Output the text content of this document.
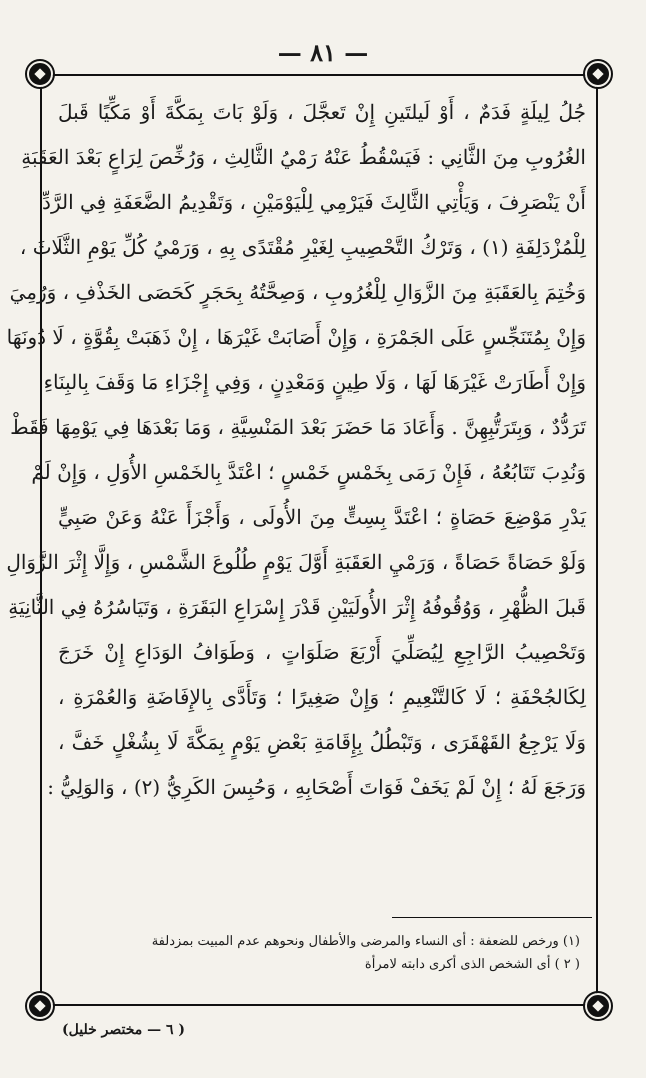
— ٨١ —
جُلُ لِيلَةٍ فَدَمٌ ، أَوْ لَيلتَينِ إِنْ تَعجَّلَ ، وَلَوْ بَاتَ بِمَكَّةَ أَوْ مَكِّيًا قَبلَ
الغُرُوبِ مِنَ الثَّانِي : فَيَسْقُطُ عَنْهُ رَمْيُ الثَّالِثِ ، وَرُخِّصَ لِرَاعٍ بَعْدَ العَقَبَةِ
أَنْ يَنْصَرِفَ ، وَيَأْتِي الثَّالِثَ فَيَرْمِي لِلْيَوْمَيْنِ ، وَتَقْدِيمُ الضَّعَفَةِ فِي الرَّدِّ
لِلْمُزْدَلِفَةِ (١) ، وَتَرْكُ التَّحْصِيبِ لِغَيْرِ مُقْتَدًى بِهِ ، وَرَمْيُ كُلِّ يَوْمِ الثَّلَاثَ ،
وَخُتِمَ بِالعَقَبَةِ مِنَ الزَّوَالِ لِلْغُرُوبِ ، وَصِحَّتُهُ بِحَجَرٍ كَحَصَى الخَذْفِ ، وَرُمِيَ
وَإِنْ بِمُتَنَجِّسٍ عَلَى الجَمْرَةِ ، وَإِنْ أَصَابَتْ غَيْرَهَا ، إِنْ ذَهَبَتْ بِقُوَّةٍ ، لَا دُونَهَا
وَإِنْ أَطَارَتْ غَيْرَهَا لَهَا ، وَلَا طِينٍ وَمَعْدِنٍ ، وَفِي إِجْزَاءِ مَا وَقَفَ بِالبِنَاءِ
تَرَدُّدٌ ، وَبِتَرَتُّبِهِنَّ . وَأَعَادَ مَا حَضَرَ بَعْدَ المَنْسِيَّةِ ، وَمَا بَعْدَهَا فِي يَوْمِهَا فَقَطْ
وَنُدِبَ تَتَابُعُهُ ، فَإِنْ رَمَى بِخَمْسٍ خَمْسٍ ؛ اعْتَدَّ بِالخَمْسِ الأُوَلِ ، وَإِنْ لَمْ
يَدْرِ مَوْضِعَ حَصَاةٍ ؛ اعْتَدَّ بِسِتٍّ مِنَ الأُولَى ، وَأَجْزَأَ عَنْهُ وَعَنْ صَبِيٍّ
وَلَوْ حَصَاةً حَصَاةً ، وَرَمْيِ العَقَبَةِ أَوَّلَ يَوْمٍ طُلُوعَ الشَّمْسِ ، وَإِلَّا إِثْرَ الزَّوَالِ
قَبلَ الظُّهْرِ ، وَوُقُوفُهُ إِثْرَ الأُولَيَيْنِ قَدْرَ إِسْرَاعِ البَقَرَةِ ، وَتَيَاسُرُهُ فِي الثَّانِيَةِ
وَتَحْصِيبُ الرَّاجِعِ لِيُصَلِّيَ أَرْبَعَ صَلَوَاتٍ ، وَطَوَافُ الوَدَاعِ إِنْ خَرَجَ
لِكَالجُحْفَةِ ؛ لَا كَالتَّنْعِيمِ ؛ وَإِنْ صَغِيرًا ؛ وَتَأَدَّى بِالإِفَاضَةِ وَالعُمْرَةِ ،
وَلَا يَرْجِعُ القَهْقَرَى ، وَتَبْطُلُ بِإِقَامَةِ بَعْضِ يَوْمٍ بِمَكَّةَ لَا بِشُغْلٍ خَفَّ ،
وَرَجَعَ لَهُ ؛ إِنْ لَمْ يَخَفْ فَوَاتَ أَصْحَابِهِ ، وَحُبِسَ الكَرِيُّ (٢) ، وَالوَلِيُّ :
(١) ورخص للضعفة : أى النساء والمرضى والأطفال ونحوهم عدم المبيت بمزدلفة
( ٢ ) أى الشخص الذى أكرى دابته لامرأة
( ٦ — مختصر خليل)
